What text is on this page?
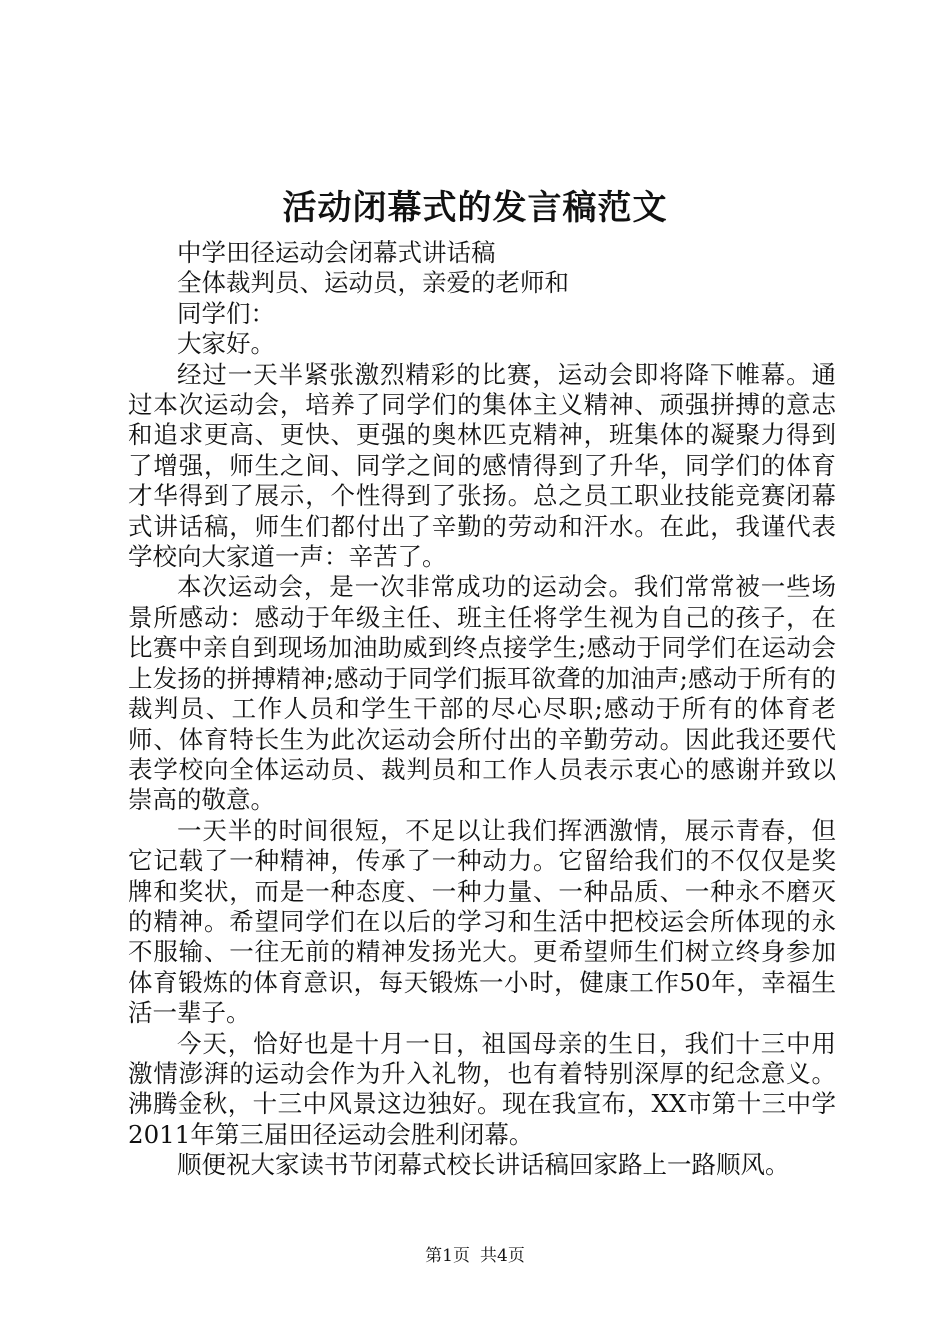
活动闭幕式的发言稿范文

中学田径运动会闭幕式讲话稿

全体裁判员、运动员，亲爱的老师和

同学们：

大家好。

经过一天半紧张激烈精彩的比赛，运动会即将降下帷幕。通过本次运动会，培养了同学们的集体主义精神、顽强拼搏的意志和追求更高、更快、更强的奥林匹克精神，班集体的凝聚力得到了增强，师生之间、同学之间的感情得到了升华，同学们的体育才华得到了展示，个性得到了张扬。总之员工职业技能竞赛闭幕式讲话稿，师生们都付出了辛勤的劳动和汗水。在此，我谨代表学校向大家道一声：辛苦了。

本次运动会，是一次非常成功的运动会。我们常常被一些场景所感动：感动于年级主任、班主任将学生视为自己的孩子，在比赛中亲自到现场加油助威到终点接学生;感动于同学们在运动会上发扬的拼搏精神;感动于同学们振耳欲聋的加油声;感动于所有的裁判员、工作人员和学生干部的尽心尽职;感动于所有的体育老师、体育特长生为此次运动会所付出的辛勤劳动。因此我还要代表学校向全体运动员、裁判员和工作人员表示衷心的感谢并致以崇高的敬意。

一天半的时间很短，不足以让我们挥洒激情，展示青春，但它记载了一种精神，传承了一种动力。它留给我们的不仅仅是奖牌和奖状，而是一种态度、一种力量、一种品质、一种永不磨灭的精神。希望同学们在以后的学习和生活中把校运会所体现的永不服输、一往无前的精神发扬光大。更希望师生们树立终身参加体育锻炼的体育意识，每天锻炼一小时，健康工作50年，幸福生活一辈子。

今天，恰好也是十月一日，祖国母亲的生日，我们十三中用激情澎湃的运动会作为升入礼物，也有着特别深厚的纪念意义。沸腾金秋，十三中风景这边独好。现在我宣布，XX市第十三中学2011年第三届田径运动会胜利闭幕。

顺便祝大家读书节闭幕式校长讲话稿回家路上一路顺风。

第1页 共4页
